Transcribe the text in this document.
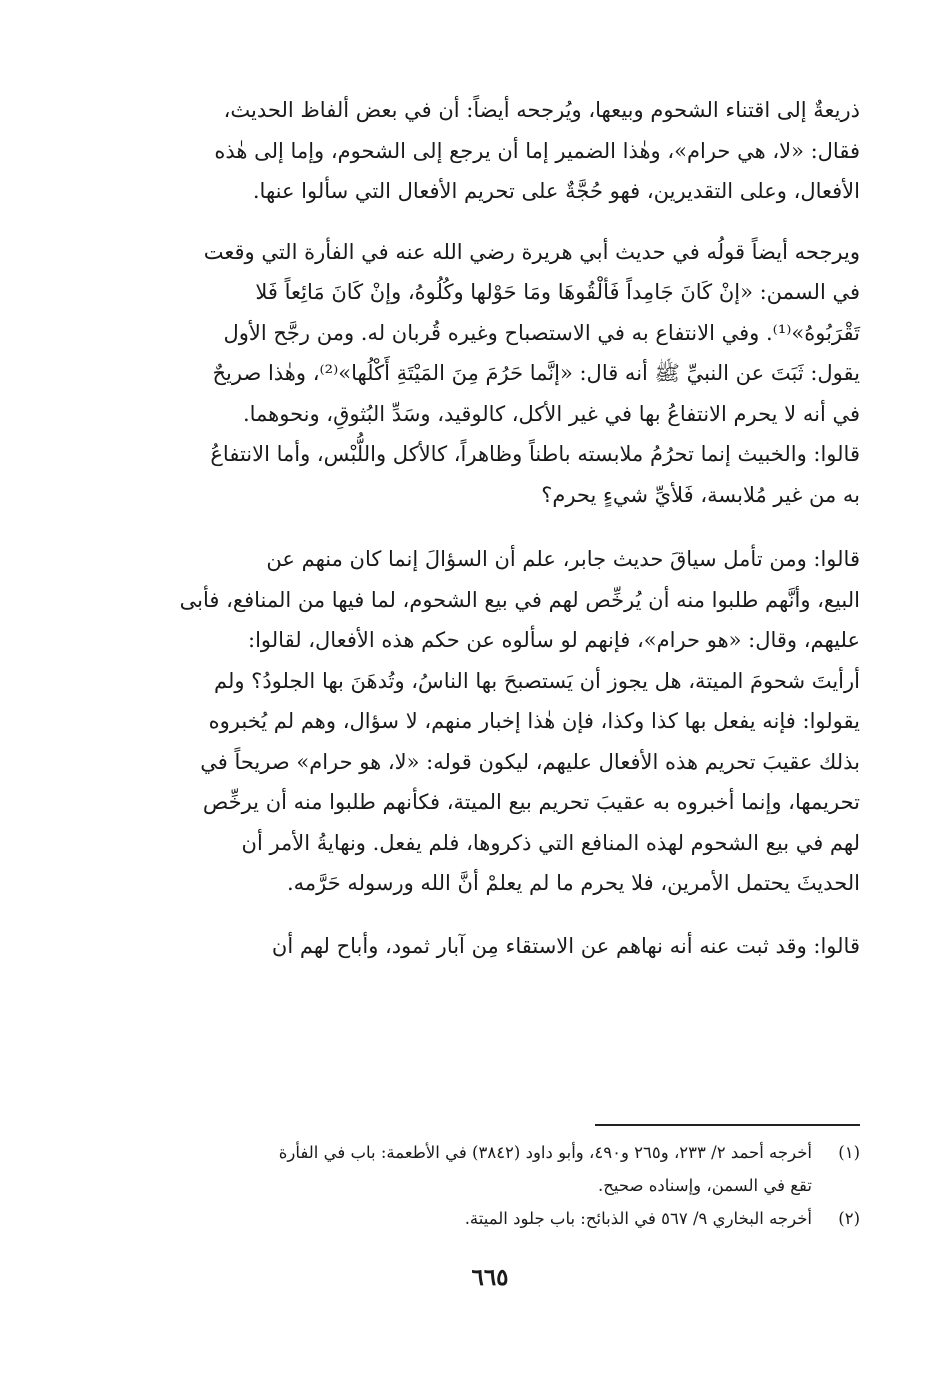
ذريعةٌ إلى اقتناء الشحوم وبيعها، ويُرجحه أيضاً: أن في بعض ألفاظ الحديث،
فقال: «لا، هي حرام»، وهٰذا الضمير إما أن يرجع إلى الشحوم، وإما إلى هٰذه
الأفعال، وعلى التقديرين، فهو حُجَّةٌ على تحريم الأفعال التي سألوا عنها.

ويرجحه أيضاً قولُه في حديث أبي هريرة رضي الله عنه في الفأرة التي وقعت
في السمن: «إنْ كَانَ جَامِداً فَألْقُوهَا ومَا حَوْلها وكُلُوهُ، وإنْ كَانَ مَائِعاً فَلا
تَقْرَبُوهُ»⁽¹⁾. وفي الانتفاع به في الاستصباح وغيره قُربان له. ومن رجَّح الأول
يقول: ثَبَتَ عن النبيِّ ﷺ أنه قال: «إنَّما حَرُمَ مِنَ المَيْتَةِ أَكْلُها»⁽²⁾، وهٰذا صريحٌ
في أنه لا يحرم الانتفاعُ بها في غير الأكل، كالوقيد، وسَدِّ البُثوقِ، ونحوهما.
قالوا: والخبيث إنما تحرُمُ ملابسته باطناً وظاهراً، كالأكل واللُّبْس، وأما الانتفاعُ
به من غير مُلابسة، فَلأيِّ شيءٍ يحرم؟

قالوا: ومن تأمل سياقَ حديث جابر، علم أن السؤالَ إنما كان منهم عن
البيع، وأنَّهم طلبوا منه أن يُرخِّص لهم في بيع الشحوم، لما فيها من المنافع، فأبى
عليهم، وقال: «هو حرام»، فإنهم لو سألوه عن حكم هذه الأفعال، لقالوا:
أرأيتَ شحومَ الميتة، هل يجوز أن يَستصبحَ بها الناسُ، وتُدهَنَ بها الجلودُ؟ ولم
يقولوا: فإنه يفعل بها كذا وكذا، فإن هٰذا إخبار منهم، لا سؤال، وهم لم يُخبروه
بذلك عقيبَ تحريم هذه الأفعال عليهم، ليكون قوله: «لا، هو حرام» صريحاً في
تحريمها، وإنما أخبروه به عقيبَ تحريم بيع الميتة، فكأنهم طلبوا منه أن يرخِّص
لهم في بيع الشحوم لهذه المنافع التي ذكروها، فلم يفعل. ونهايةُ الأمر أن
الحديثَ يحتمل الأمرين، فلا يحرم ما لم يعلمْ أنَّ الله ورسوله حَرَّمه.

قالوا: وقد ثبت عنه أنه نهاهم عن الاستقاء مِن آبار ثمود، وأباح لهم أن

(١)
أخرجه أحمد ٢/ ٢٣٣، و٢٦٥ و٤٩٠، وأبو داود (٣٨٤٢) في الأطعمة: باب في الفأرة
تقع في السمن، وإسناده صحيح.
(٢)
أخرجه البخاري ٩/ ٥٦٧ في الذبائح: باب جلود الميتة.
٦٦٥
